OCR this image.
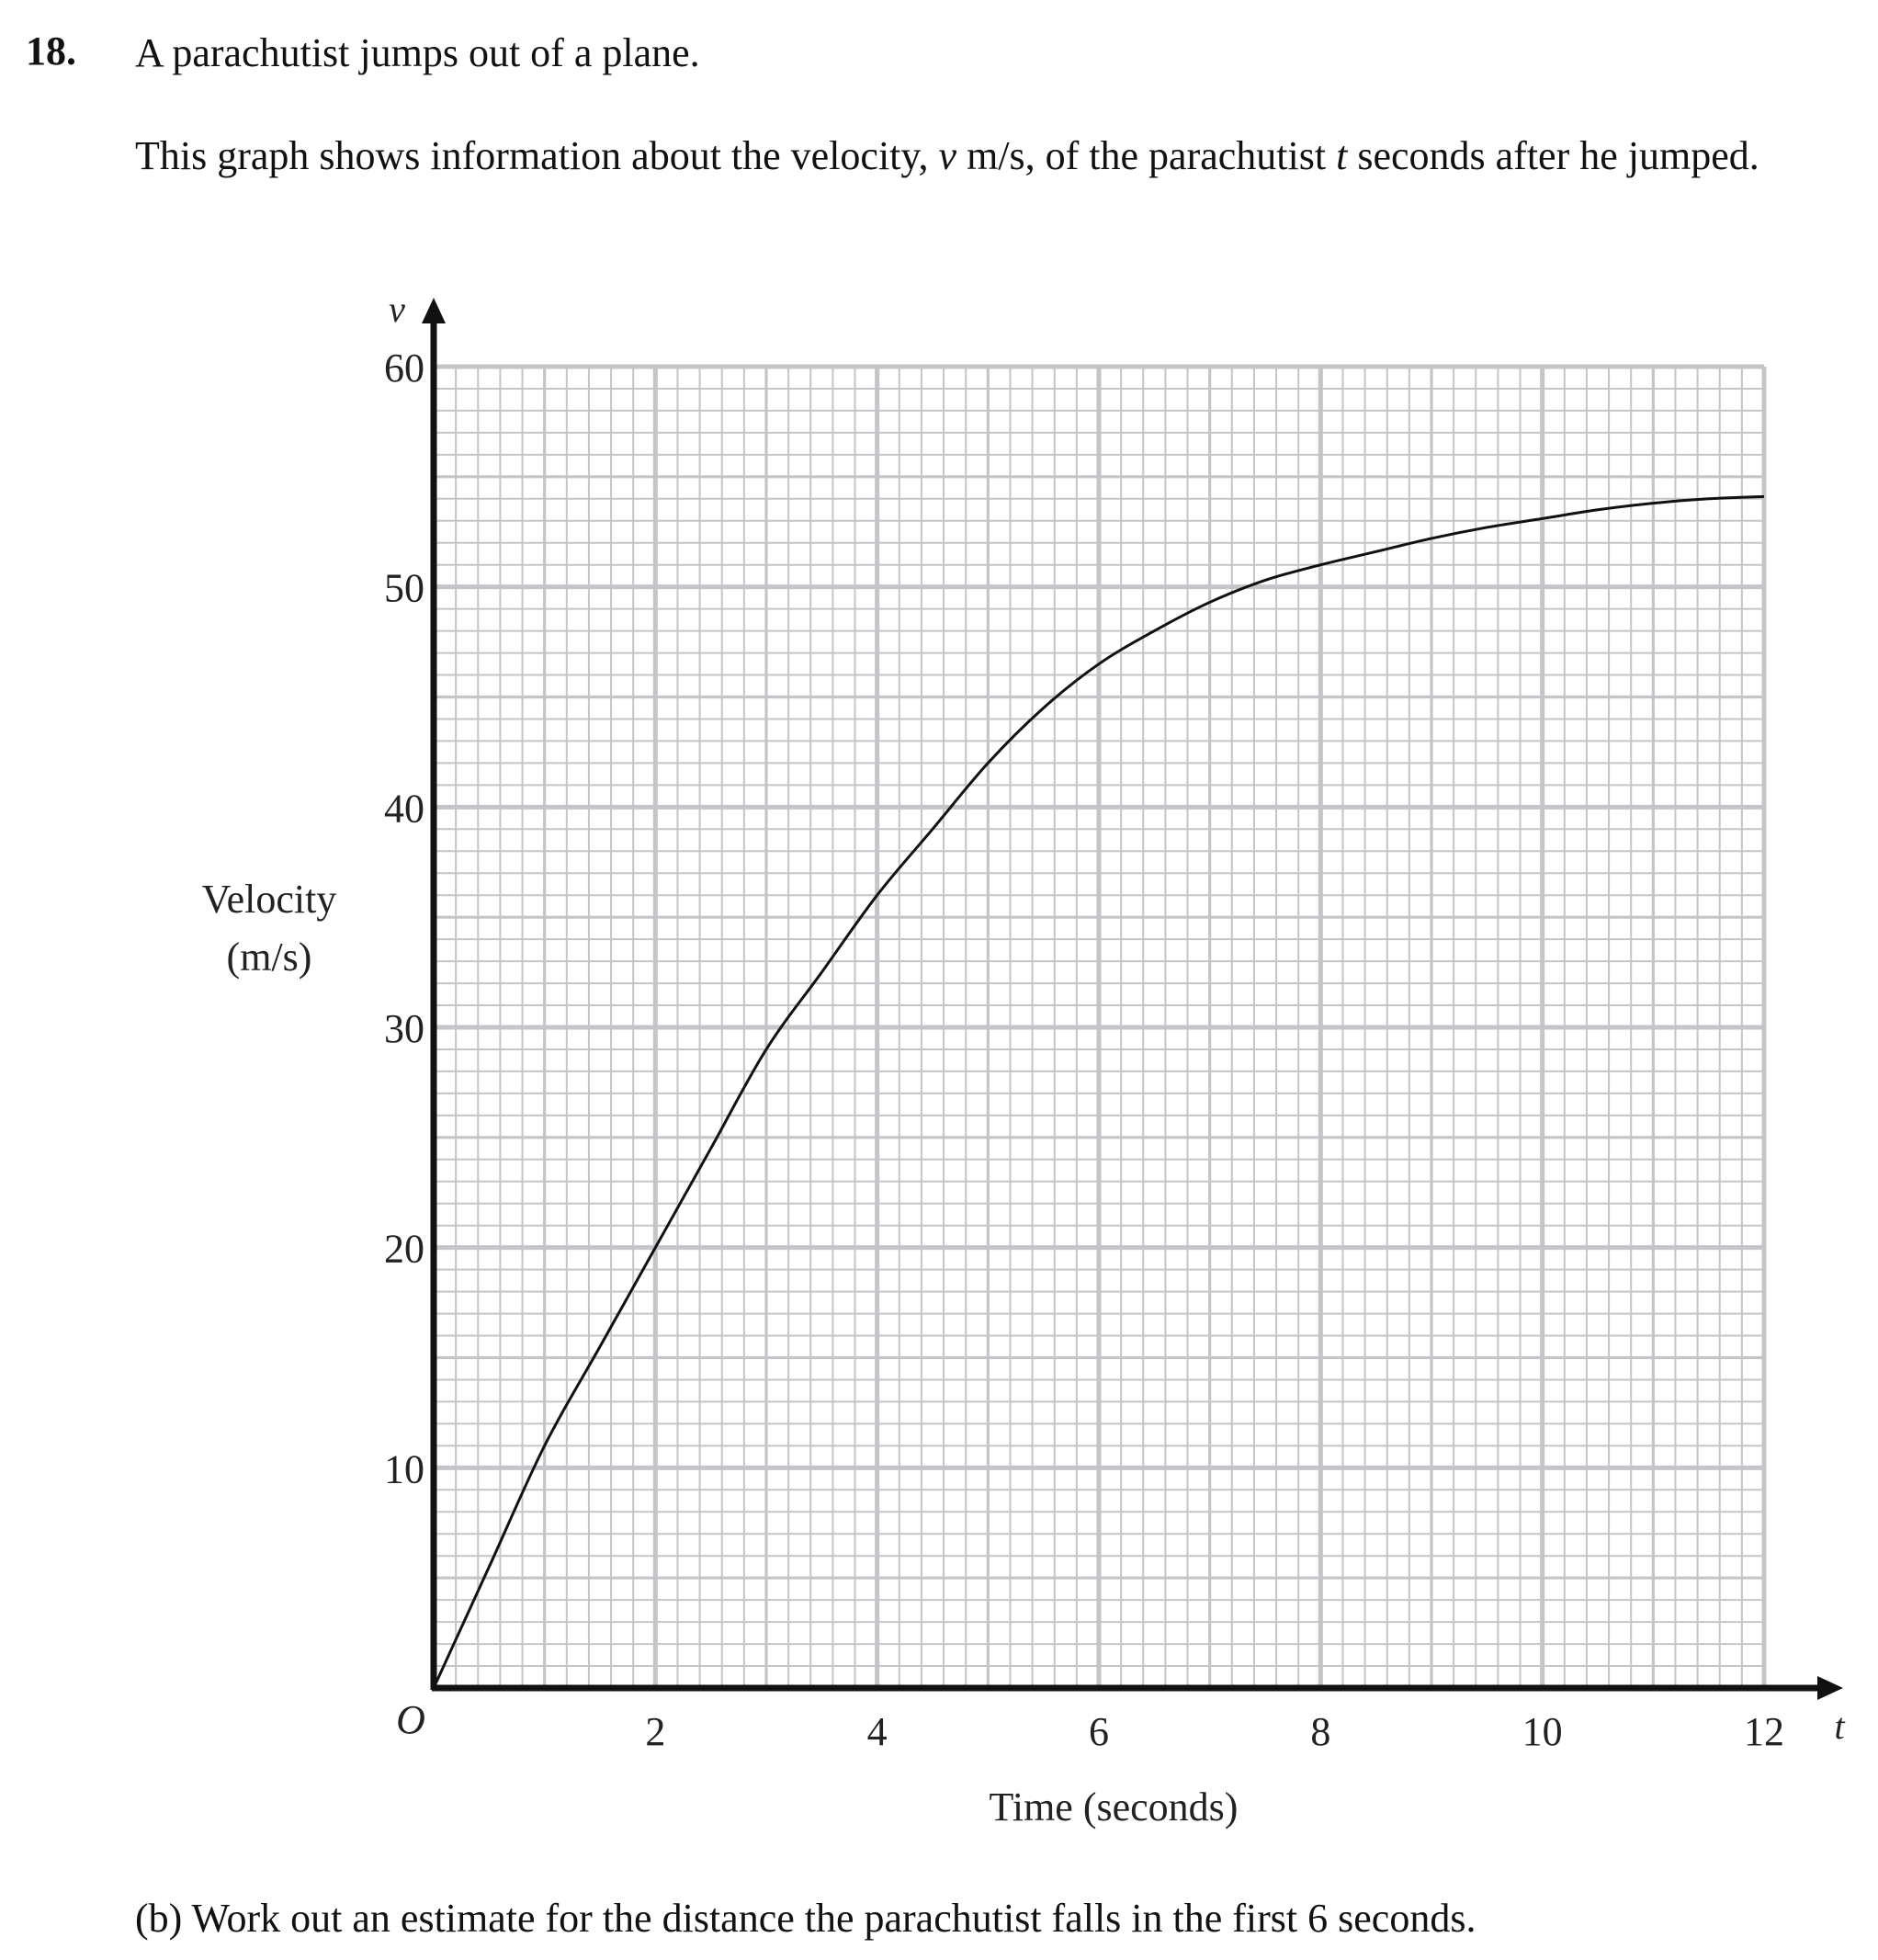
18. A parachutist jumps out of a plane.
This graph shows information about the velocity, v m/s, of the parachutist t seconds after he jumped.
10
20
30
40
50
60
2	4	6	8	10	12
O
v
t
Velocity
(m/s)
Time (seconds)
(b) Work out an estimate for the distance the parachutist falls in the first 6 seconds.
